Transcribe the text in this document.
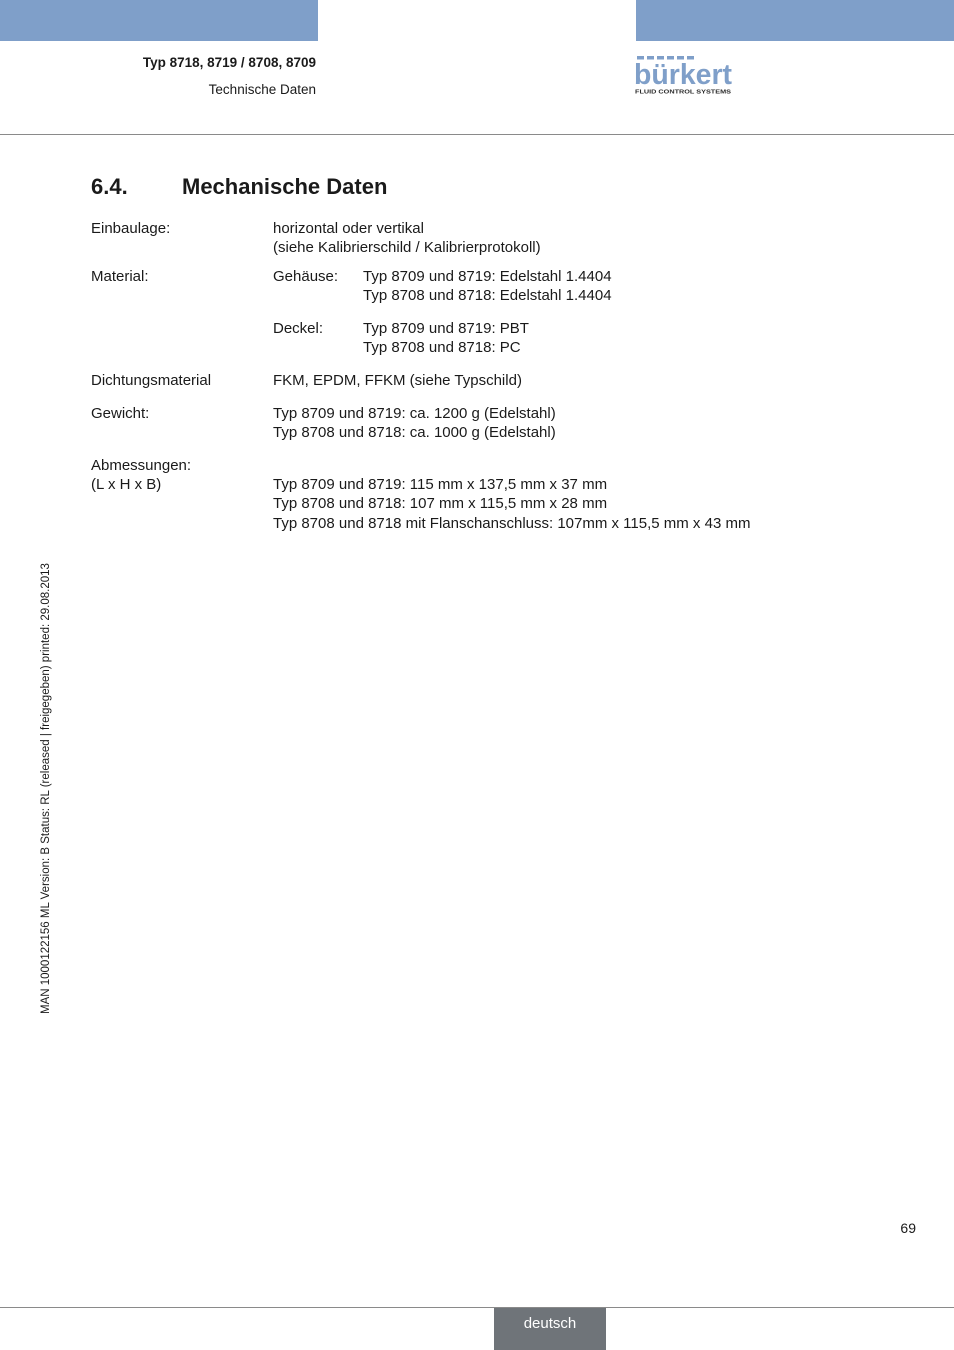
Typ 8718, 8719 / 8708, 8709
Technische Daten	bürkert
FLUID CONTROL SYSTEMS
6.4. Mechanische Daten
Einbaulage:	horizontal oder vertikal
(siehe Kalibrierschild / Kalibrierprotokoll)
Material:	Gehäuse: Typ 8709 und 8719: Edelstahl 1.4404
Typ 8708 und 8718: Edelstahl 1.4404
Deckel:	Typ 8709 und 8719: PBT
Typ 8708 und 8718: PC
Dichtungsmaterial	FKM, EPDM, FFKM (siehe Typschild)
Gewicht:	Typ 8709 und 8719: ca. 1200 g (Edelstahl)
Typ 8708 und 8718: ca. 1000 g (Edelstahl)
Abmessungen:
(L x H x B)	Typ 8709 und 8719: 115 mm x 137,5 mm x 37 mm
Typ 8708 und 8718: 107 mm x 115,5 mm x 28 mm
Typ 8708 und 8718 mit Flanschanschluss: 107mm x 115,5 mm x 43 mm
MAN 1000122156 ML Version: B Status: RL (released | freigegeben) printed: 29.08.2013
69
deutsch
